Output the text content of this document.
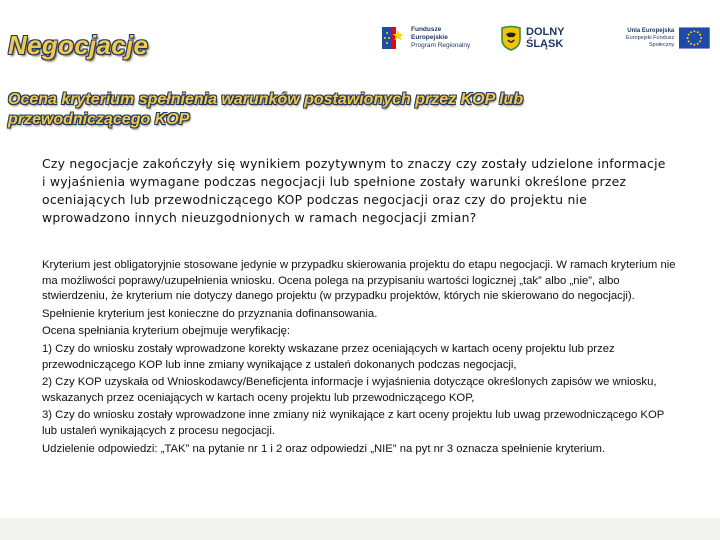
Fundusze
Europejskie
Program Regionalny
DOLNY
ŚLĄSK
Unia Europejska
Europejski Fundusz Społeczny
Negocjacje
Ocena kryterium spełnienia warunków postawionych przez KOP lub przewodniczącego KOP

Czy negocjacje zakończyły się wynikiem pozytywnym to znaczy czy zostały udzielone informacje i wyjaśnienia wymagane podczas negocjacji lub spełnione zostały warunki określone przez oceniających lub przewodniczącego KOP podczas negocjacji oraz czy do projektu nie wprowadzono innych nieuzgodnionych w ramach negocjacji zmian?

Kryterium jest obligatoryjnie stosowane jedynie w przypadku skierowania projektu do etapu negocjacji. W ramach kryterium nie ma możliwości poprawy/uzupełnienia wniosku. Ocena polega na przypisaniu wartości logicznej „tak” albo „nie”, albo stwierdzeniu, że kryterium nie dotyczy danego projektu (w przypadku projektów, których nie skierowano do negocjacji).

Spełnienie kryterium jest konieczne do przyznania dofinansowania.

Ocena spełniania kryterium obejmuje weryfikację:

1) Czy do wniosku zostały wprowadzone korekty wskazane przez oceniających w kartach oceny projektu lub przez przewodniczącego KOP lub inne zmiany wynikające z ustaleń dokonanych podczas negocjacji,

2) Czy KOP uzyskała od Wnioskodawcy/Beneficjenta informacje i wyjaśnienia dotyczące określonych zapisów we wniosku, wskazanych przez oceniających w kartach oceny projektu lub przewodniczącego KOP,

3) Czy do wniosku zostały wprowadzone inne zmiany niż wynikające z kart oceny projektu lub uwag przewodniczącego KOP lub ustaleń wynikających z procesu negocjacji.

Udzielenie odpowiedzi: „TAK” na pytanie nr 1 i 2 oraz odpowiedzi „NIE” na pyt nr 3 oznacza spełnienie kryterium.
